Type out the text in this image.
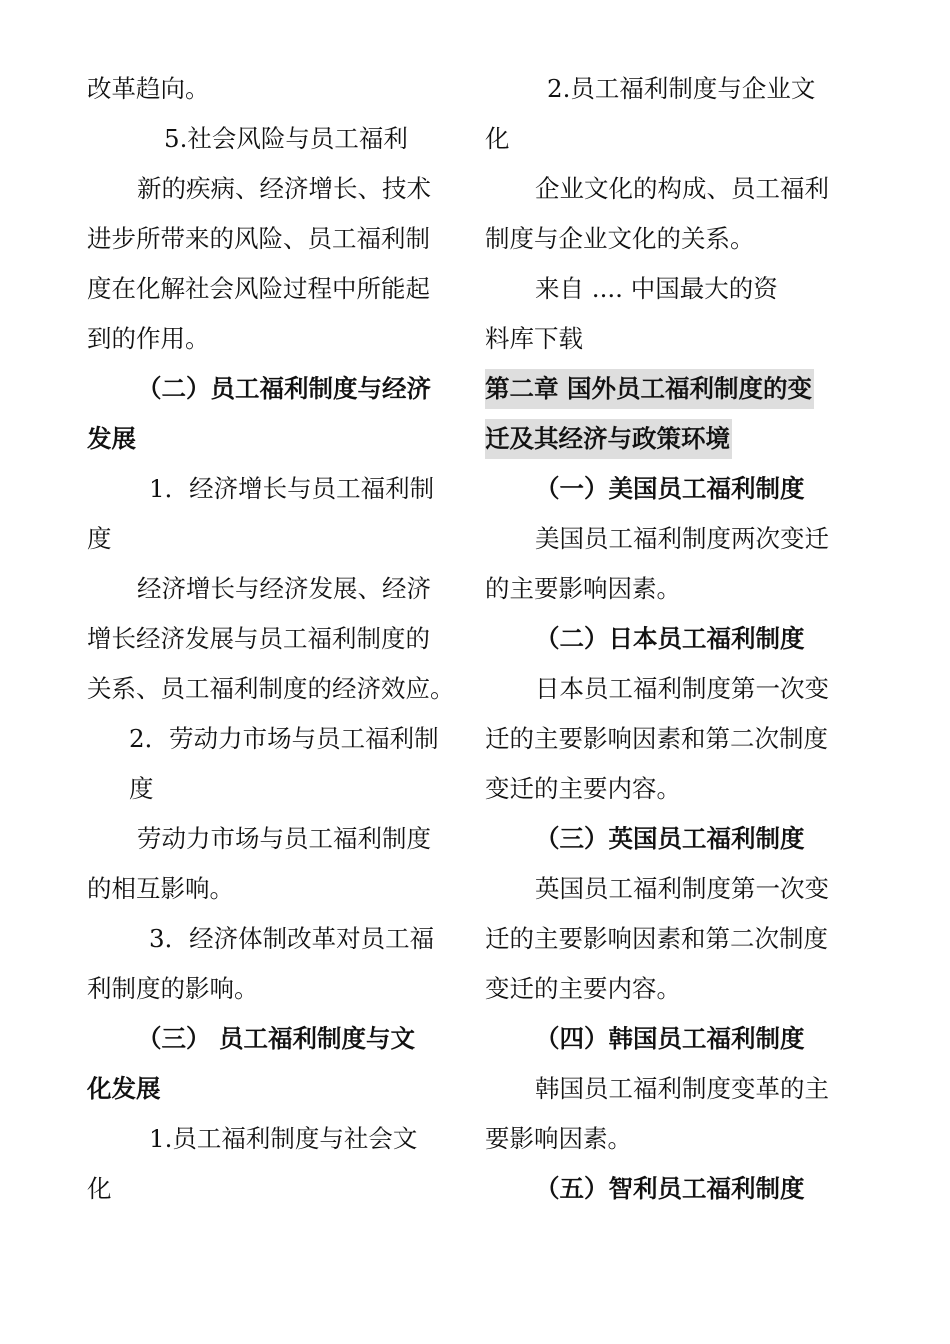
改革趋向。
5.社会风险与员工福利
新的疾病、经济增长、技术
进步所带来的风险、员工福利制
度在化解社会风险过程中所能起
到的作用。
（二）员工福利制度与经济
发展
1．经济增长与员工福利制
度
经济增长与经济发展、经济
增长经济发展与员工福利制度的
关系、员工福利制度的经济效应。
2．劳动力市场与员工福利制
度
劳动力市场与员工福利制度
的相互影响。
3．经济体制改革对员工福
利制度的影响。
（三） 员工福利制度与文
化发展
1.员工福利制度与社会文
化
2.员工福利制度与企业文
化
企业文化的构成、员工福利
制度与企业文化的关系。
来自 .... 中国最大的资
料库下载
第二章 国外员工福利制度的变
迁及其经济与政策环境
（一）美国员工福利制度
美国员工福利制度两次变迁
的主要影响因素。
（二）日本员工福利制度
日本员工福利制度第一次变
迁的主要影响因素和第二次制度
变迁的主要内容。
（三）英国员工福利制度
英国员工福利制度第一次变
迁的主要影响因素和第二次制度
变迁的主要内容。
（四）韩国员工福利制度
韩国员工福利制度变革的主
要影响因素。
（五）智利员工福利制度
